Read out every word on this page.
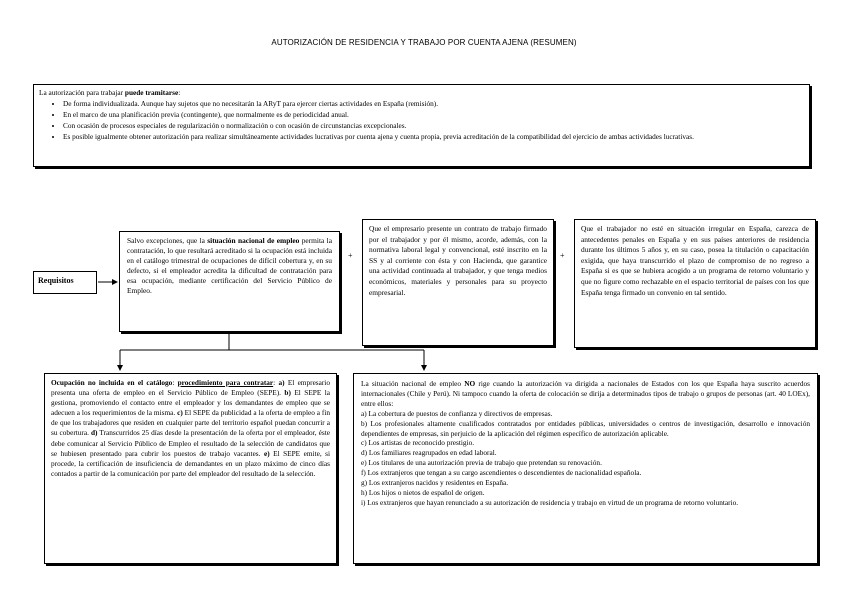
AUTORIZACIÓN DE RESIDENCIA Y TRABAJO POR CUENTA AJENA (RESUMEN)

La autorización para trabajar puede tramitarse:

• De forma individualizada. Aunque hay sujetos que no necesitarán la ARyT para ejercer ciertas actividades en España (remisión).
• En el marco de una planificación previa (contingente), que normalmente es de periodicidad anual.
• Con ocasión de procesos especiales de regularización o normalización o con ocasión de circunstancias excepcionales.
• Es posible igualmente obtener autorización para realizar simultáneamente actividades lucrativas por cuenta ajena y cuenta propia, previa acreditación de la compatibilidad del ejercicio de ambas actividades lucrativas.
Requisitos
Salvo excepciones, que la situación nacional de empleo permita la contratación, lo que resultará acreditado si la ocupación está incluida en el catálogo trimestral de ocupaciones de difícil cobertura y, en su defecto, si el empleador acredita la dificultad de contratación para esa ocupación, mediante certificación del Servicio Público de Empleo.
+
Que el empresario presente un contrato de trabajo firmado por el trabajador y por él mismo, acorde, además, con la normativa laboral legal y convencional, esté inscrito en la SS y al corriente con ésta y con Hacienda, que garantice una actividad continuada al trabajador, y que tenga medios económicos, materiales y personales para su proyecto empresarial.
+
Que el trabajador no esté en situación irregular en España, carezca de antecedentes penales en España y en sus países anteriores de residencia durante los últimos 5 años y, en su caso, posea la titulación o capacitación exigida, que haya transcurrido el plazo de compromiso de no regreso a España si es que se hubiera acogido a un programa de retorno voluntario y que no figure como rechazable en el espacio territorial de países con los que España tenga firmado un convenio en tal sentido.
Ocupación no incluida en el catálogo: procedimiento para contratar: a) El empresario presenta una oferta de empleo en el Servicio Público de Empleo (SEPE). b) El SEPE la gestiona, promoviendo el contacto entre el empleador y los demandantes de empleo que se adecuen a los requerimientos de la misma. c) El SEPE da publicidad a la oferta de empleo a fin de que los trabajadores que residen en cualquier parte del territorio español puedan concurrir a su cobertura. d) Transcurridos 25 días desde la presentación de la oferta por el empleador, éste debe comunicar al Servicio Público de Empleo el resultado de la selección de candidatos que se hubiesen presentado para cubrir los puestos de trabajo vacantes. e) El SEPE emite, si procede, la certificación de insuficiencia de demandantes en un plazo máximo de cinco días contados a partir de la comunicación por parte del empleador del resultado de la selección.

La situación nacional de empleo NO rige cuando la autorización va dirigida a nacionales de Estados con los que España haya suscrito acuerdos internacionales (Chile y Perú). Ni tampoco cuando la oferta de colocación se dirija a determinados tipos de trabajo o grupos de personas (art. 40 LOEx), entre ellos:

a) La cobertura de puestos de confianza y directivos de empresas.

b) Los profesionales altamente cualificados contratados por entidades públicas, universidades o centros de investigación, desarrollo e innovación dependientes de empresas, sin perjuicio de la aplicación del régimen específico de autorización aplicable.

c) Los artistas de reconocido prestigio.

d) Los familiares reagrupados en edad laboral.

e) Los titulares de una autorización previa de trabajo que pretendan su renovación.

f) Los extranjeros que tengan a su cargo ascendientes o descendientes de nacionalidad española.

g) Los extranjeros nacidos y residentes en España.

h) Los hijos o nietos de español de origen.

i) Los extranjeros que hayan renunciado a su autorización de residencia y trabajo en virtud de un programa de retorno voluntario.
